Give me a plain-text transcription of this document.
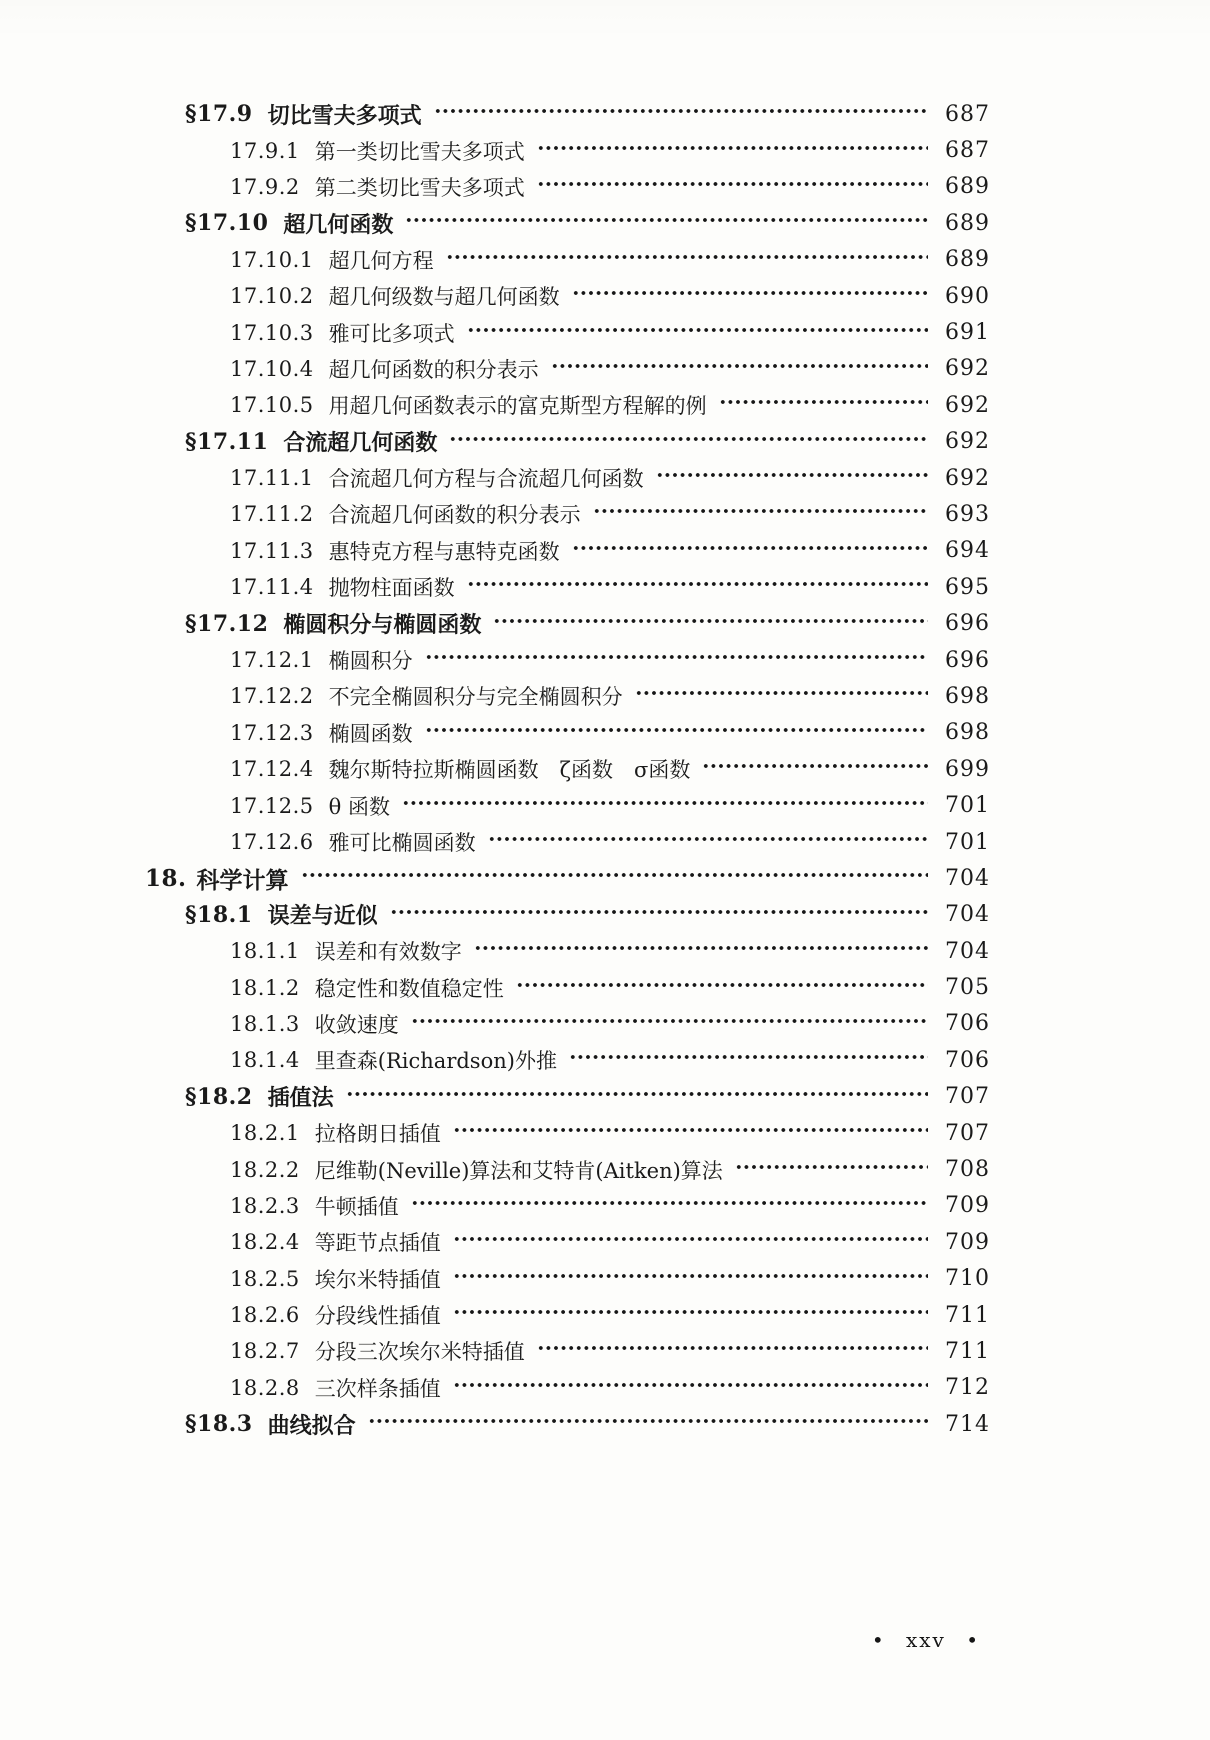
§17.9 切比雪夫多项式	687
17.9.1 第一类切比雪夫多项式	687
17.9.2 第二类切比雪夫多项式	689
§17.10 超几何函数	689
17.10.1 超几何方程	689
17.10.2 超几何级数与超几何函数	690
17.10.3 雅可比多项式	691
17.10.4 超几何函数的积分表示	692
17.10.5 用超几何函数表示的富克斯型方程解的例	692
§17.11 合流超几何函数	692
17.11.1 合流超几何方程与合流超几何函数	692
17.11.2 合流超几何函数的积分表示	693
17.11.3 惠特克方程与惠特克函数	694
17.11.4 抛物柱面函数	695
§17.12 椭圆积分与椭圆函数	696
17.12.1 椭圆积分	696
17.12.2 不完全椭圆积分与完全椭圆积分	698
17.12.3 椭圆函数	698
17.12.4 魏尔斯特拉斯椭圆函数　ζ函数　σ函数	699
17.12.5 θ 函数	701
17.12.6 雅可比椭圆函数	701
18. 科学计算	704
§18.1 误差与近似	704
18.1.1 误差和有效数字	704
18.1.2 稳定性和数值稳定性	705
18.1.3 收敛速度	706
18.1.4 里查森(Richardson)外推	706
§18.2 插值法	707
18.2.1 拉格朗日插值	707
18.2.2 尼维勒(Neville)算法和艾特肯(Aitken)算法	708
18.2.3 牛顿插值	709
18.2.4 等距节点插值	709
18.2.5 埃尔米特插值	710
18.2.6 分段线性插值	711
18.2.7 分段三次埃尔米特插值	711
18.2.8 三次样条插值	712
§18.3 曲线拟合	714
• xxv •
